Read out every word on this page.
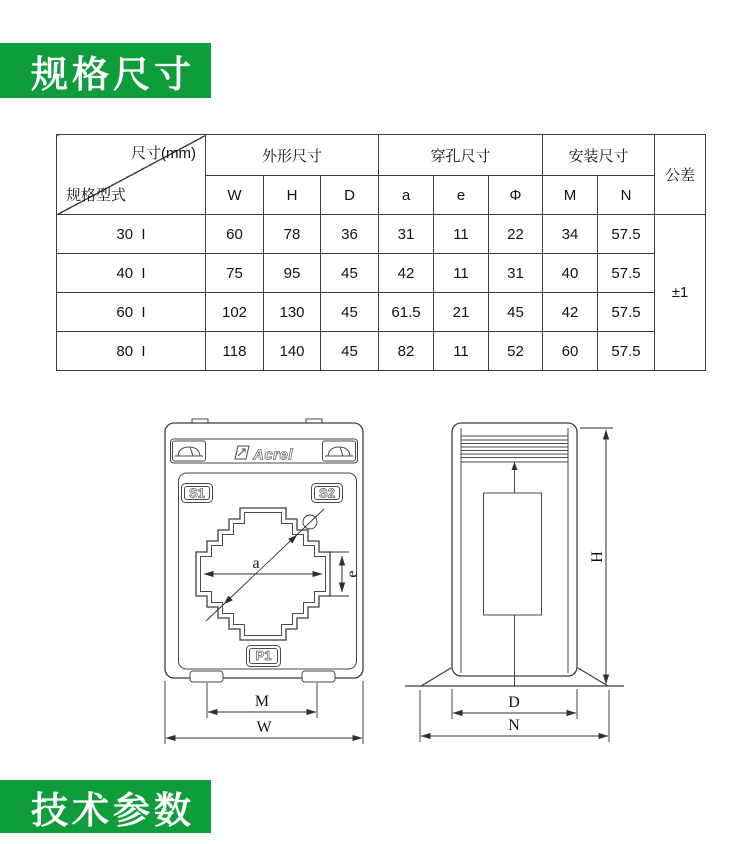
规格尺寸
尺寸(mm)
规格型式	外形尺寸			穿孔尺寸			安装尺寸		公差
	W	H	D	a	e	Φ	M	N	
30  I	60	78	36	31	11	22	34	57.5	±1
40  I	75	95	45	42	11	31	40	57.5	
60  I	102	130	45	61.5	21	45	42	57.5	
80  I	118	140	45	82	11	52	60	57.5	
Acrel
S1	S2
P1
a
e
M
W
H
D
N
技术参数
